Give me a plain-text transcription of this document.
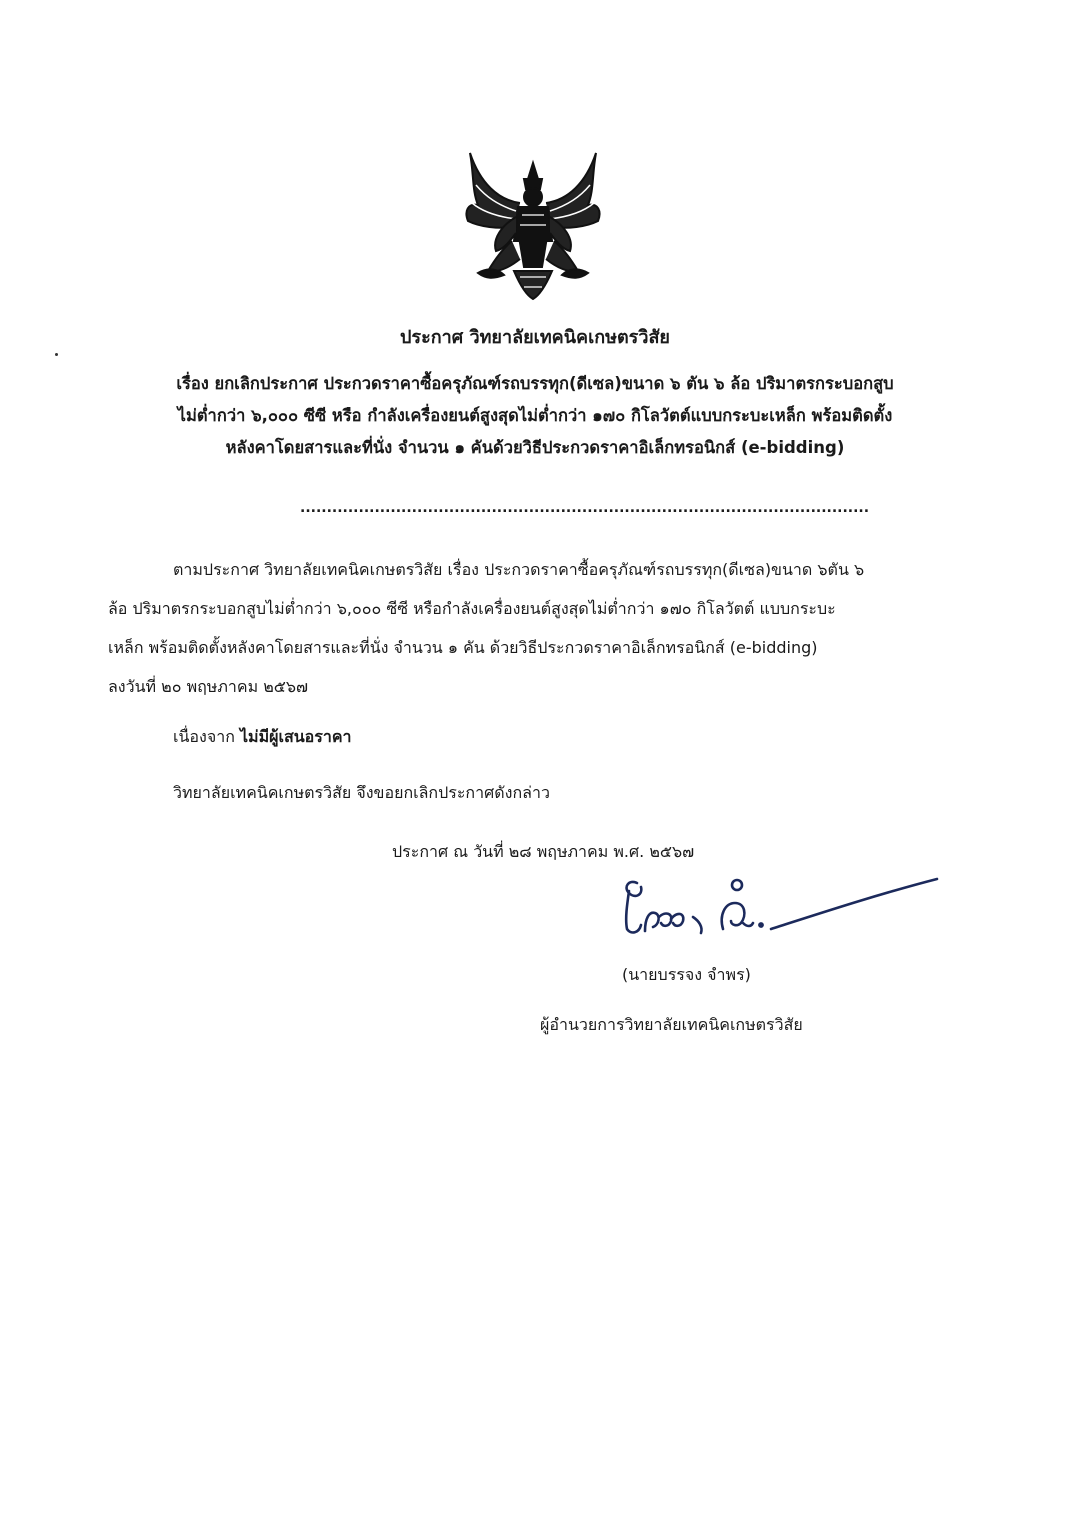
ประกาศ วิทยาลัยเทคนิคเกษตรวิสัย
เรื่อง ยกเลิกประกาศ ประกวดราคาซื้อครุภัณฑ์รถบรรทุก(ดีเซล)ขนาด ๖ ตัน ๖ ล้อ ปริมาตรกระบอกสูบ
ไม่ต่ำกว่า ๖,๐๐๐ ซีซี หรือ กำลังเครื่องยนต์สูงสุดไม่ต่ำกว่า ๑๗๐ กิโลวัตต์แบบกระบะเหล็ก พร้อมติดตั้ง
หลังคาโดยสารและที่นั่ง จำนวน ๑ คันด้วยวิธีประกวดราคาอิเล็กทรอนิกส์ (e-bidding)
...........................................................................................................
ตามประกาศ วิทยาลัยเทคนิคเกษตรวิสัย เรื่อง ประกวดราคาซื้อครุภัณฑ์รถบรรทุก(ดีเซล)ขนาด ๖ตัน ๖
ล้อ ปริมาตรกระบอกสูบไม่ต่ำกว่า ๖,๐๐๐ ซีซี หรือกำลังเครื่องยนต์สูงสุดไม่ต่ำกว่า ๑๗๐ กิโลวัตต์ แบบกระบะ
เหล็ก พร้อมติดตั้งหลังคาโดยสารและที่นั่ง จำนวน ๑ คัน ด้วยวิธีประกวดราคาอิเล็กทรอนิกส์ (e-bidding)
ลงวันที่ ๒๐ พฤษภาคม ๒๕๖๗
เนื่องจาก ไม่มีผู้เสนอราคา
วิทยาลัยเทคนิคเกษตรวิสัย จึงขอยกเลิกประกาศดังกล่าว
ประกาศ ณ วันที่ ๒๘ พฤษภาคม พ.ศ. ๒๕๖๗
(นายบรรจง จำพร)
ผู้อำนวยการวิทยาลัยเทคนิคเกษตรวิสัย
